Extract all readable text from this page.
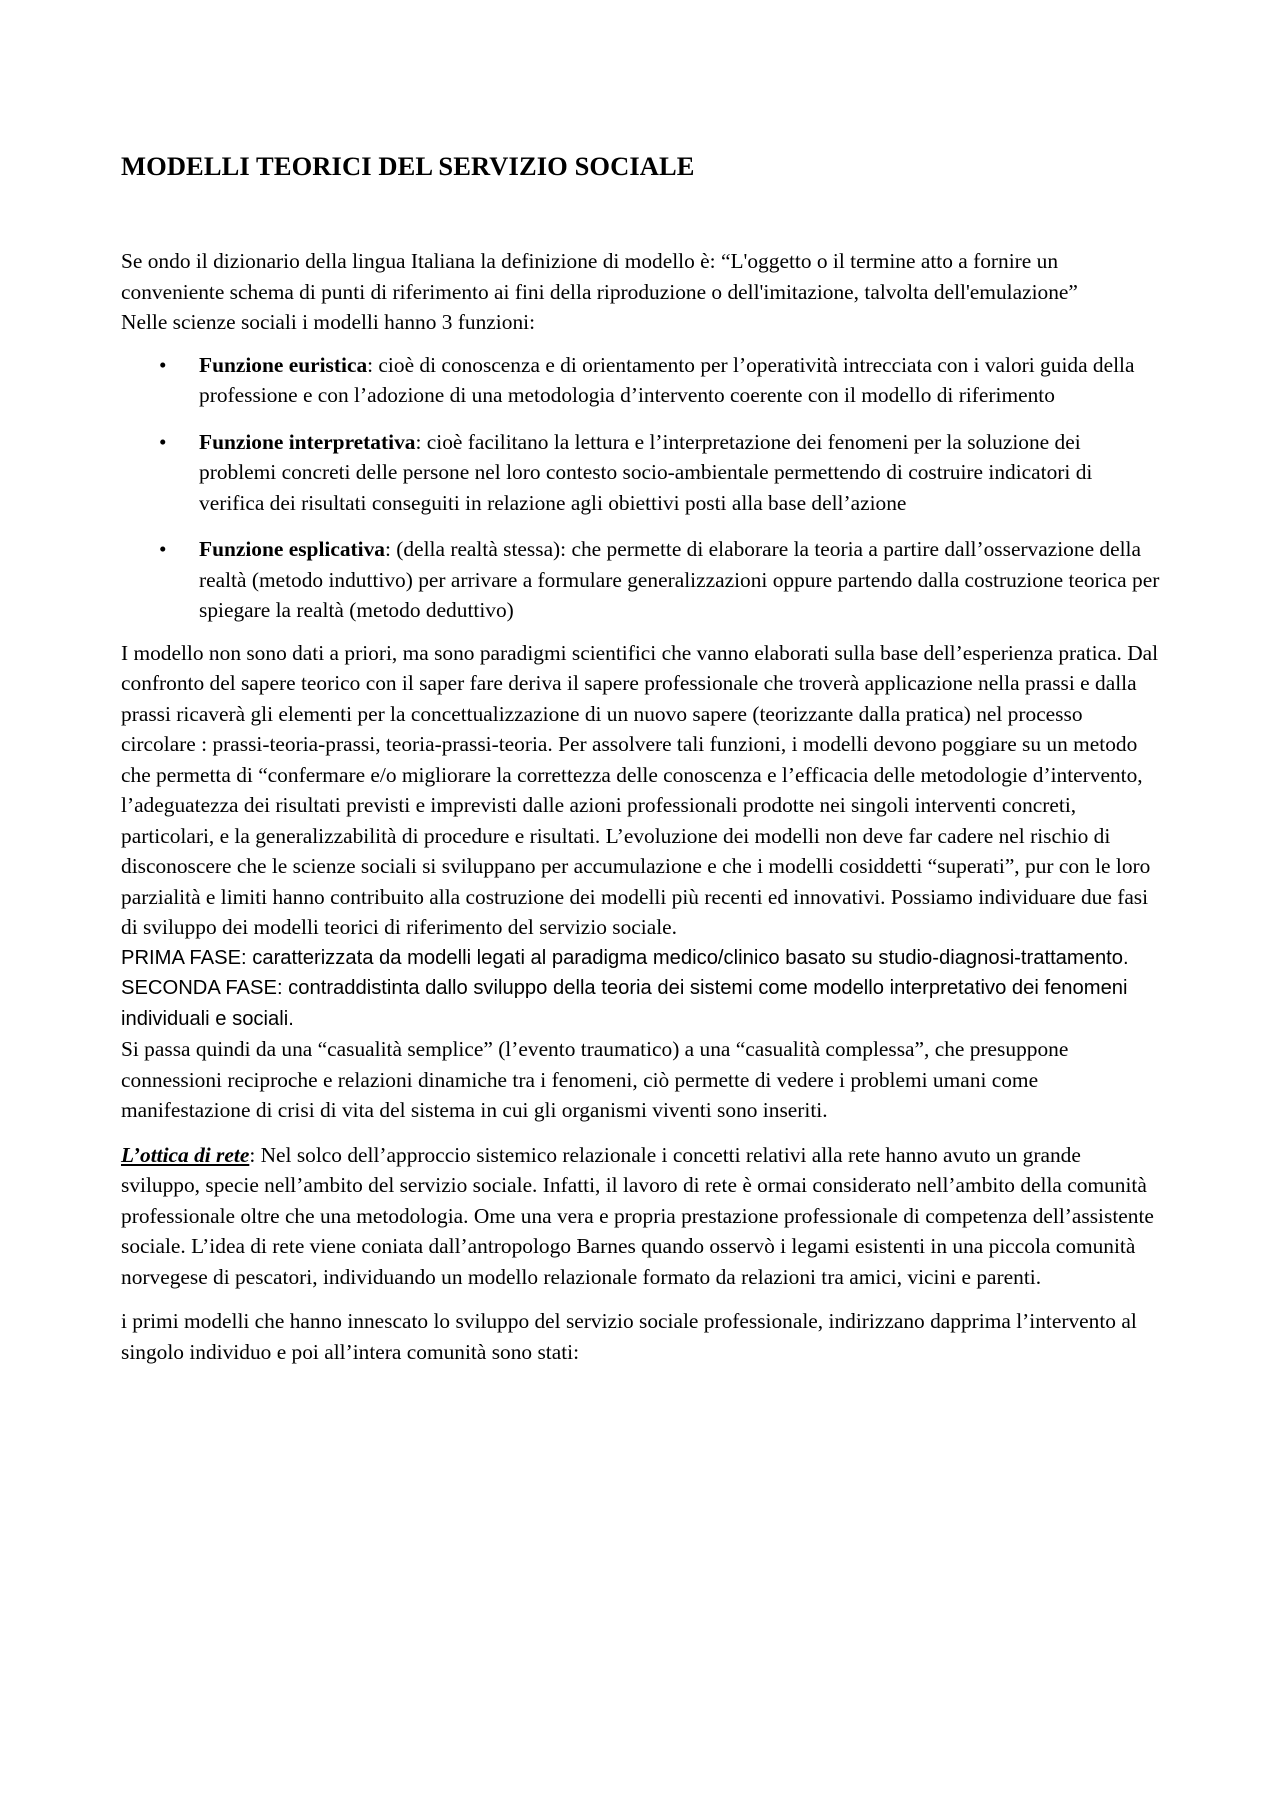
MODELLI TEORICI DEL SERVIZIO SOCIALE

Se ondo il dizionario della lingua Italiana la definizione di modello è: “L'oggetto o il termine atto a fornire un conveniente schema di punti di riferimento ai fini della riproduzione o dell'imitazione, talvolta dell'emulazione”

Nelle scienze sociali i modelli hanno 3 funzioni:

• Funzione euristica: cioè di conoscenza e di orientamento per l’operatività intrecciata con i valori guida della professione e con l’adozione di una metodologia d’intervento coerente con il modello di riferimento
• Funzione interpretativa: cioè facilitano la lettura e l’interpretazione dei fenomeni per la soluzione dei problemi concreti delle persone nel loro contesto socio-ambientale permettendo di costruire indicatori di verifica dei risultati conseguiti in relazione agli obiettivi posti alla base dell’azione
• Funzione esplicativa: (della realtà stessa): che permette di elaborare la teoria a partire dall’osservazione della realtà (metodo induttivo) per arrivare a formulare generalizzazioni oppure partendo dalla costruzione teorica per spiegare la realtà (metodo deduttivo)

I modello non sono dati a priori, ma sono paradigmi scientifici che vanno elaborati sulla base dell’esperienza pratica. Dal confronto del sapere teorico con il saper fare deriva il sapere professionale che troverà applicazione nella prassi e dalla prassi ricaverà gli elementi per la concettualizzazione di un nuovo sapere (teorizzante dalla pratica) nel processo circolare : prassi-teoria-prassi, teoria-prassi-teoria. Per assolvere tali funzioni, i modelli devono poggiare su un metodo che permetta di “confermare e/o migliorare la correttezza delle conoscenza e l’efficacia delle metodologie d’intervento, l’adeguatezza dei risultati previsti e imprevisti dalle azioni professionali prodotte nei singoli interventi concreti, particolari, e la generalizzabilità di procedure e risultati. L’evoluzione dei modelli non deve far cadere nel rischio di disconoscere che le scienze sociali si sviluppano per accumulazione e che i modelli cosiddetti “superati”, pur con le loro parzialità e limiti hanno contribuito alla costruzione dei modelli più recenti ed innovativi. Possiamo individuare due fasi di sviluppo dei modelli teorici di riferimento del servizio sociale.

PRIMA FASE: caratterizzata da modelli legati al paradigma medico/clinico basato su studio-diagnosi-trattamento.

SECONDA FASE: contraddistinta dallo sviluppo della teoria dei sistemi come modello interpretativo dei fenomeni individuali e sociali.

Si passa quindi da una “casualità semplice” (l’evento traumatico) a una “casualità complessa”, che presuppone connessioni reciproche e relazioni dinamiche tra i fenomeni, ciò permette di vedere i problemi umani come manifestazione di crisi di vita del sistema in cui gli organismi viventi sono inseriti.

L’ottica di rete: Nel solco dell’approccio sistemico relazionale i concetti relativi alla rete hanno avuto un grande sviluppo, specie nell’ambito del servizio sociale. Infatti, il lavoro di rete è ormai considerato nell’ambito della comunità professionale oltre che una metodologia. Ome una vera e propria prestazione professionale di competenza dell’assistente sociale. L’idea di rete viene coniata dall’antropologo Barnes quando osservò i legami esistenti in una piccola comunità norvegese di pescatori, individuando un modello relazionale formato da relazioni tra amici, vicini e parenti.

i primi modelli che hanno innescato lo sviluppo del servizio sociale professionale, indirizzano dapprima l’intervento al singolo individuo e poi all’intera comunità sono stati:
